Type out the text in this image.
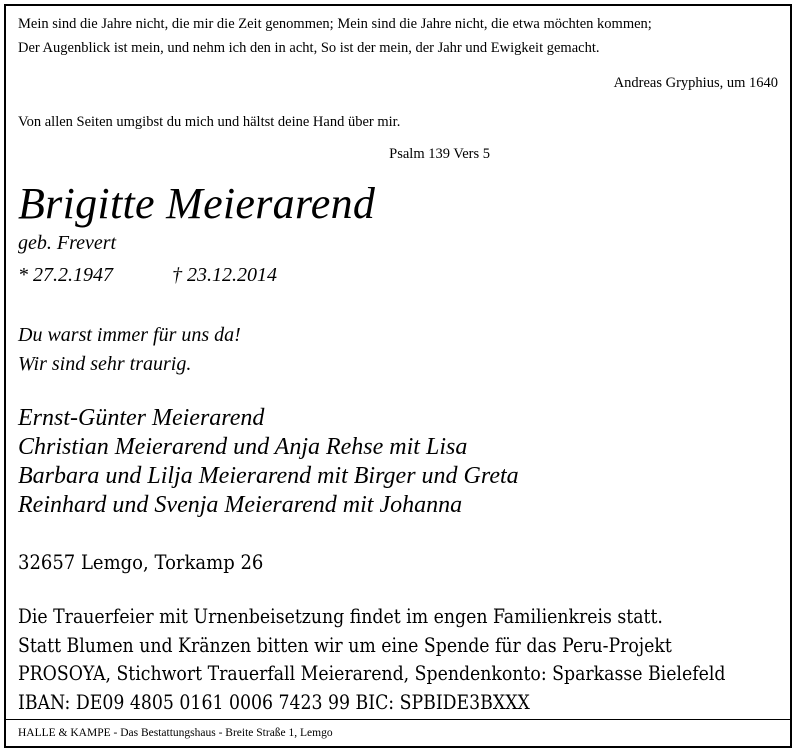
Mein sind die Jahre nicht, die mir die Zeit genommen; Mein sind die Jahre nicht, die etwa möchten kommen;
Der Augenblick ist mein, und nehm ich den in acht, So ist der mein, der Jahr und Ewigkeit gemacht.
Andreas Gryphius, um 1640
Von allen Seiten umgibst du mich und hältst deine Hand über mir.
Psalm 139 Vers 5
Brigitte Meierarend
geb. Frevert
* 27.2.1947	† 23.12.2014
Du warst immer für uns da!
Wir sind sehr traurig.
Ernst-Günter Meierarend
Christian Meierarend und Anja Rehse mit Lisa
Barbara und Lilja Meierarend mit Birger und Greta
Reinhard und Svenja Meierarend mit Johanna
32657 Lemgo, Torkamp 26
Die Trauerfeier mit Urnenbeisetzung findet im engen Familienkreis statt.
Statt Blumen und Kränzen bitten wir um eine Spende für das Peru-Projekt
PROSOYA, Stichwort Trauerfall Meierarend, Spendenkonto: Sparkasse Bielefeld
IBAN: DE09 4805 0161 0006 7423 99 BIC: SPBIDE3BXXX
HALLE & KAMPE - Das Bestattungshaus - Breite Straße 1, Lemgo
